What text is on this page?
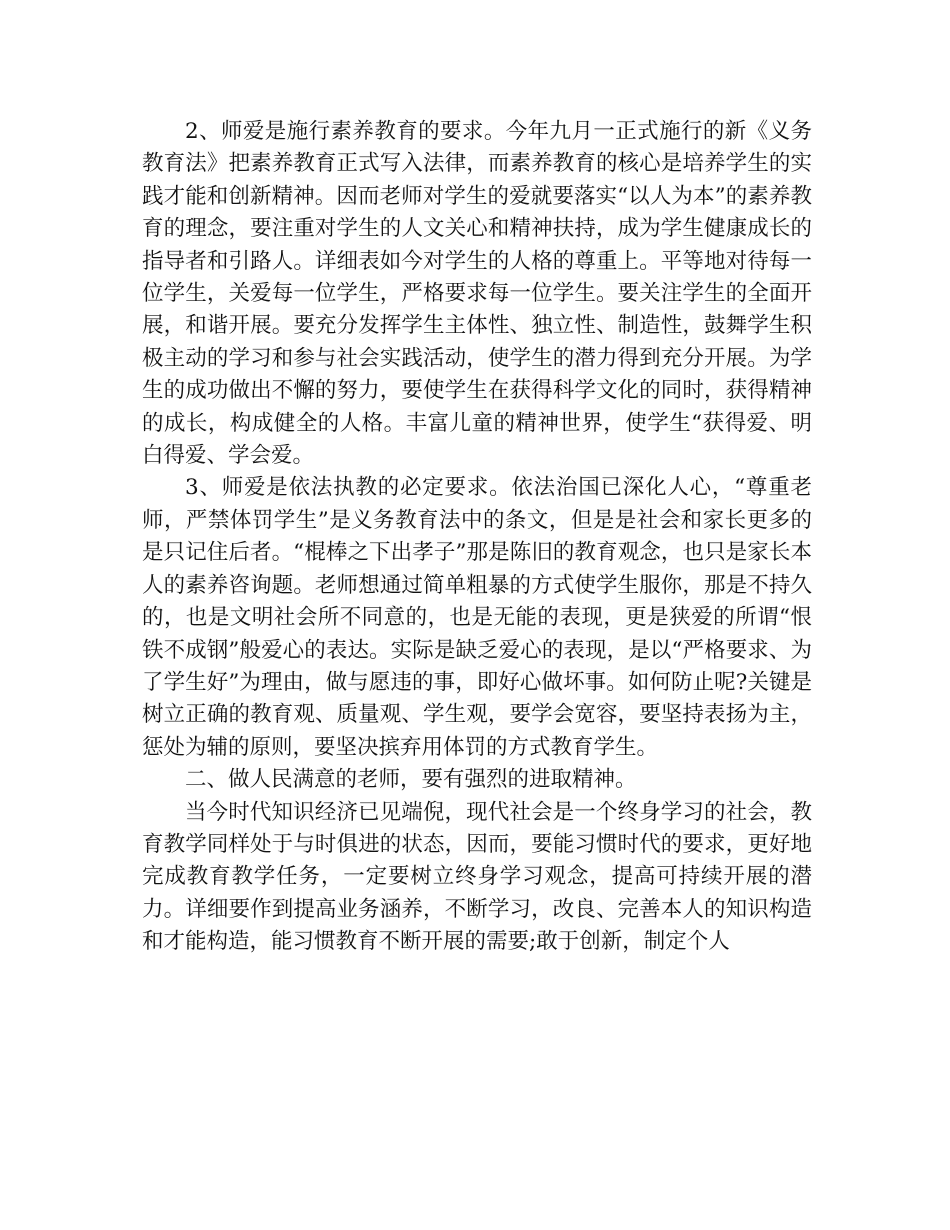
2、师爱是施行素养教育的要求。今年九月一正式施行的新《义务教育法》把素养教育正式写入法律，而素养教育的核心是培养学生的实践才能和创新精神。因而老师对学生的爱就要落实“以人为本”的素养教育的理念，要注重对学生的人文关心和精神扶持，成为学生健康成长的指导者和引路人。详细表如今对学生的人格的尊重上。平等地对待每一位学生，关爱每一位学生，严格要求每一位学生。要关注学生的全面开展，和谐开展。要充分发挥学生主体性、独立性、制造性，鼓舞学生积极主动的学习和参与社会实践活动，使学生的潜力得到充分开展。为学生的成功做出不懈的努力，要使学生在获得科学文化的同时，获得精神的成长，构成健全的人格。丰富儿童的精神世界，使学生“获得爱、明白得爱、学会爱。

3、师爱是依法执教的必定要求。依法治国已深化人心，“尊重老师，严禁体罚学生”是义务教育法中的条文，但是是社会和家长更多的是只记住后者。“棍棒之下出孝子”那是陈旧的教育观念，也只是家长本人的素养咨询题。老师想通过简单粗暴的方式使学生服你，那是不持久的，也是文明社会所不同意的，也是无能的表现，更是狭爱的所谓“恨铁不成钢”般爱心的表达。实际是缺乏爱心的表现，是以“严格要求、为了学生好”为理由，做与愿违的事，即好心做坏事。如何防止呢?关键是树立正确的教育观、质量观、学生观，要学会宽容，要坚持表扬为主，惩处为辅的原则，要坚决摈弃用体罚的方式教育学生。

二、做人民满意的老师，要有强烈的进取精神。

当今时代知识经济已见端倪，现代社会是一个终身学习的社会，教育教学同样处于与时俱进的状态，因而，要能习惯时代的要求，更好地完成教育教学任务，一定要树立终身学习观念，提高可持续开展的潜力。详细要作到提高业务涵养，不断学习，改良、完善本人的知识构造和才能构造，能习惯教育不断开展的需要;敢于创新，制定个人
